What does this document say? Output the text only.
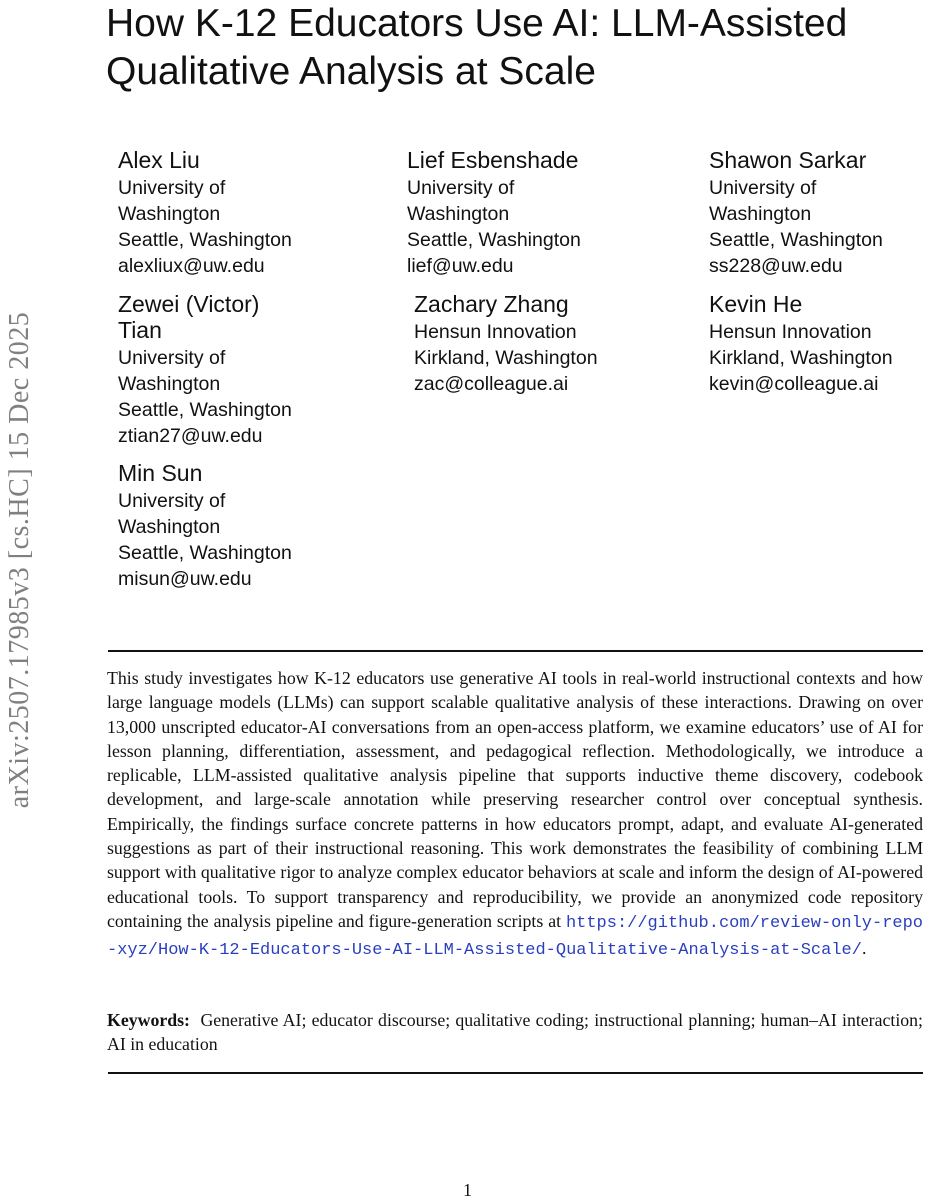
arXiv:2507.17985v3 [cs.HC] 15 Dec 2025
How K-12 Educators Use AI: LLM-Assisted
Qualitative Analysis at Scale
Alex Liu
University of
Washington
Seattle, Washington
alexliux@uw.edu
Lief Esbenshade
University of
Washington
Seattle, Washington
lief@uw.edu
Shawon Sarkar
University of
Washington
Seattle, Washington
ss228@uw.edu
Zewei (Victor)
Tian
University of
Washington
Seattle, Washington
ztian27@uw.edu
Zachary Zhang
Hensun Innovation
Kirkland, Washington
zac@colleague.ai
Kevin He
Hensun Innovation
Kirkland, Washington
kevin@colleague.ai
Min Sun
University of
Washington
Seattle, Washington
misun@uw.edu

This study investigates how K-12 educators use generative AI tools in real-world instructional contexts and how large language models (LLMs) can support scalable qualitative analysis of these interactions. Drawing on over 13,000 unscripted educator-AI conversations from an open-access platform, we examine educators’ use of AI for lesson planning, differentiation, assessment, and pedagogical reflection. Methodologically, we introduce a replicable, LLM-assisted qualitative analysis pipeline that supports inductive theme discovery, codebook development, and large-scale annotation while preserving researcher control over conceptual synthesis. Empirically, the findings surface concrete patterns in how educators prompt, adapt, and evaluate AI-generated suggestions as part of their instructional reasoning. This work demonstrates the feasibility of combining LLM support with qualitative rigor to analyze complex educator behaviors at scale and inform the design of AI-powered educational tools. To support transparency and reproducibility, we provide an anonymized code repository containing the analysis pipeline and figure-generation scripts at https://github.com/review-only-repo-xyz/How-K-12-Educators-Use-AI-LLM-Assisted-Qualitative-Analysis-at-Scale/.

Keywords: Generative AI; educator discourse; qualitative coding; instructional planning; human–AI interaction; AI in education

1
